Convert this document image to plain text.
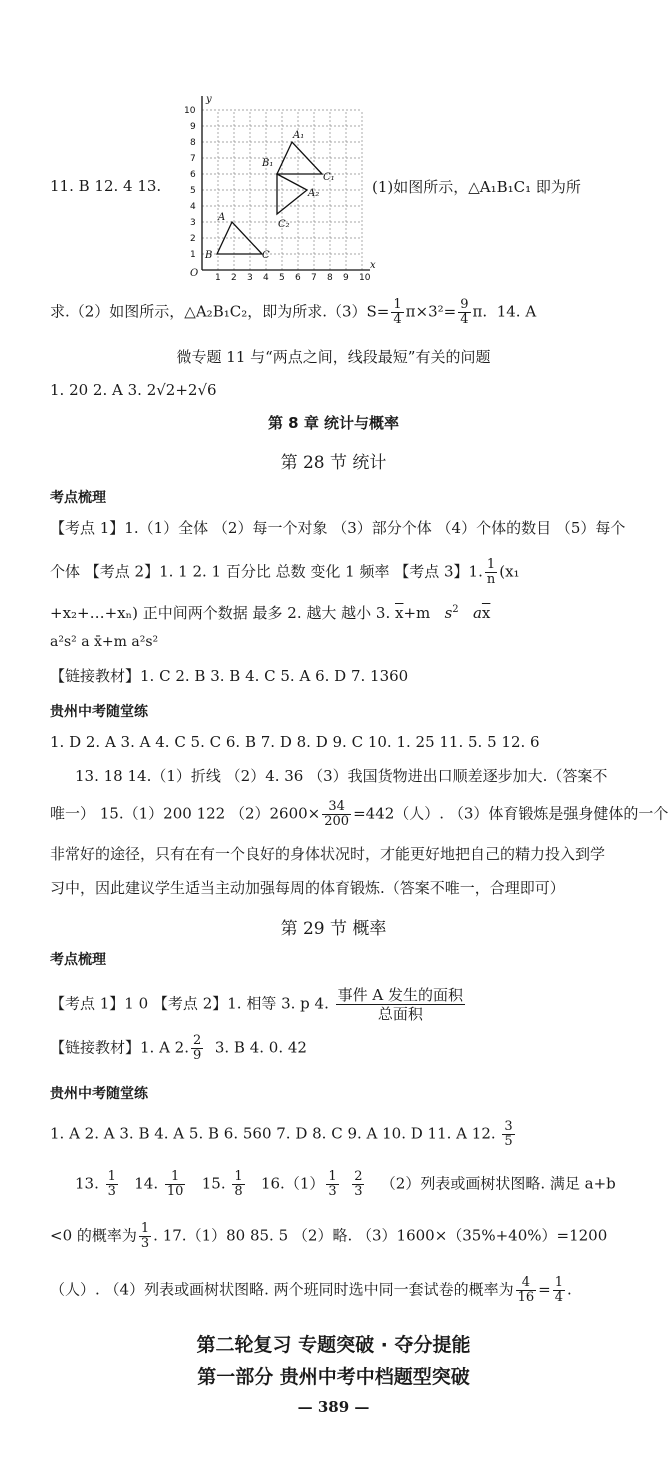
y
x
O
A
B	C
A₁
B₁
C₁
A₂
C₂
1 2 3 4 5 6 7 8 9 10
1
2
3
4
5
6
7
8
9
10
11. B 12. 4 13.	(1)如图所示，△A₁B₁C₁ 即为所
求.（2）如图所示，△A₂B₁C₂，即为所求$.(3)S= \frac{1}{4} \pi\times 3^2= \frac{9}{4} \pi$. 14. A
微专题 11 与“两点之间，线段最短”有关的问题
1. 20 2. A 3. 2√2+2√6
第 8 章 统计与概率
第 28 节 统计
考点梳理
【考点 1】1.（1）全体 （2）每一个对象 （3）部分个体 （4）个体的数目 （5）每个
个体 【考点 2】1. 1 2. 1 百分比 总数 变化 1 频率 【考点 3】1. $\frac{1}{n} (x_1$
+x₂+…+xₙ) 正中间两个数据 最多 2. 越大 越小 3. $\overline{x}+m$   $s^2$ $a\overline{x}$
a²s² a x̄+m a²s²
【链接教材】1. C 2. B 3. B 4. C 5. A 6. D 7. 1360
贵州中考随堂练
1. D 2. A 3. A 4. C 5. C 6. B 7. D 8. D 9. C 10. 1. 25 11. 5. 5 12. 6
13. 18 14.（1）折线 （2）4. 36 （3）我国货物进出口顺差逐步加大.（答案不
唯一） 15.（1）200 122 $(2)2600\times \frac{34}{200} =442$（人）. （3）体育锻炼是强身健体的一个
非常好的途径，只有在有一个良好的身体状况时，才能更好地把自己的精力投入到学
习中，因此建议学生适当主动加强每周的体育锻炼.（答案不唯一，合理即可）
第 29 节 概率
考点梳理
【考点 1】1 0 【考点 2】1. 相等 3. p 4. $\frac{\text{事件 A 发生的面积}}{\text{总面积}}$
【链接教材】1. A 2. $\frac{2}{9} 3$. B 4. 0. 42
贵州中考随堂练
1. A 2. A 3. B 4. A 5. B 6. 560 7. D 8. C 9. A 10. D 11. A 12. $\frac{3}{5}$
13. $\frac{1}{3} 14$. $\frac{1}{10} 15$. $\frac{1}{8} 16.(1) \frac{1}{3}$
$\frac{2}{3} (2)$列表或画树状图略. 满足 a+b
<0 的概率为 $\frac{1}{3}$ . 17.（1）80 85. 5 （2）略. （3）1600×（35%+40%）=1200
（人）. （4）列表或画树状图略. 两个班同时选中同一套试卷的概率为 $\frac{4}{16} = \frac{1}{4}$ .
第二轮复习 专题突破 · 夺分提能
第一部分 贵州中考中档题型突破
— 389 —
